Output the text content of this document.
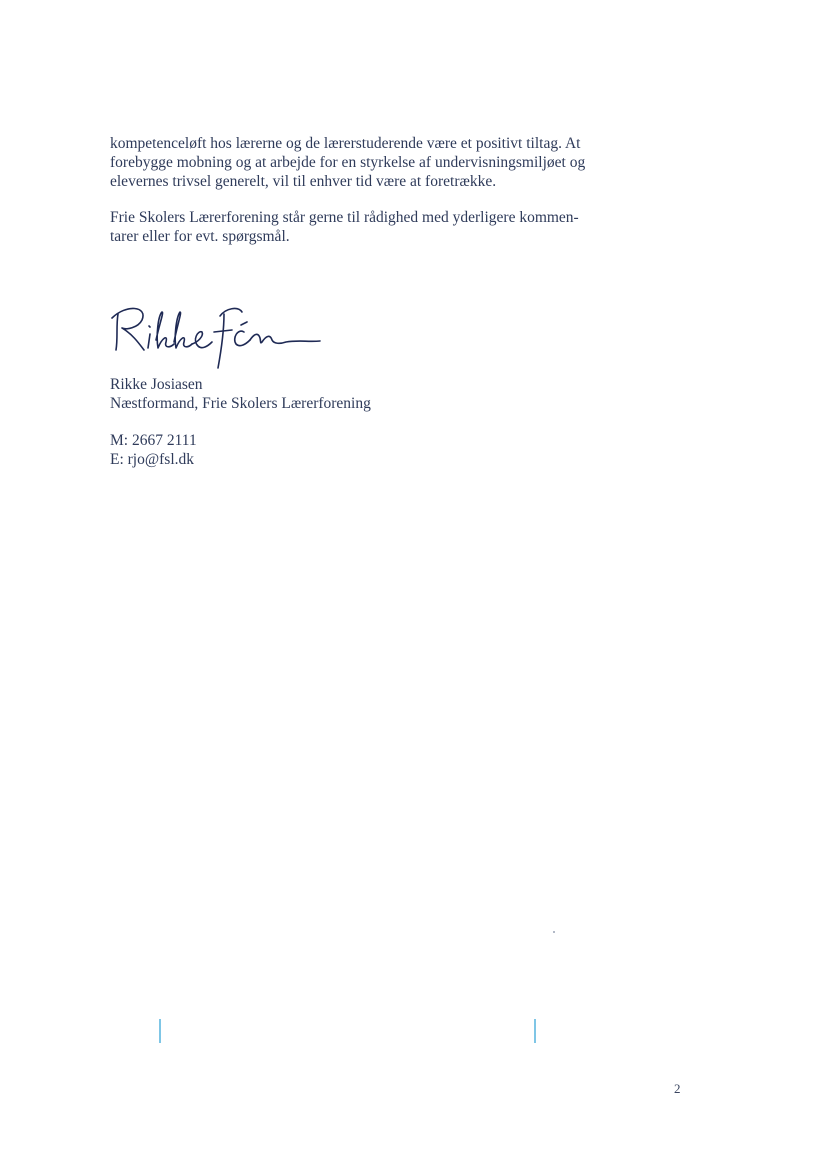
kompetenceløft hos lærerne og de lærerstuderende være et positivt tiltag. At

forebygge mobning og at arbejde for en styrkelse af undervisningsmiljøet og

elevernes trivsel generelt, vil til enhver tid være at foretrække.

Frie Skolers Lærerforening står gerne til rådighed med yderligere kommen-

tarer eller for evt. spørgsmål.

Rikke Josiasen

Næstformand, Frie Skolers Lærerforening

M: 2667 2111

E: rjo@fsl.dk

2
